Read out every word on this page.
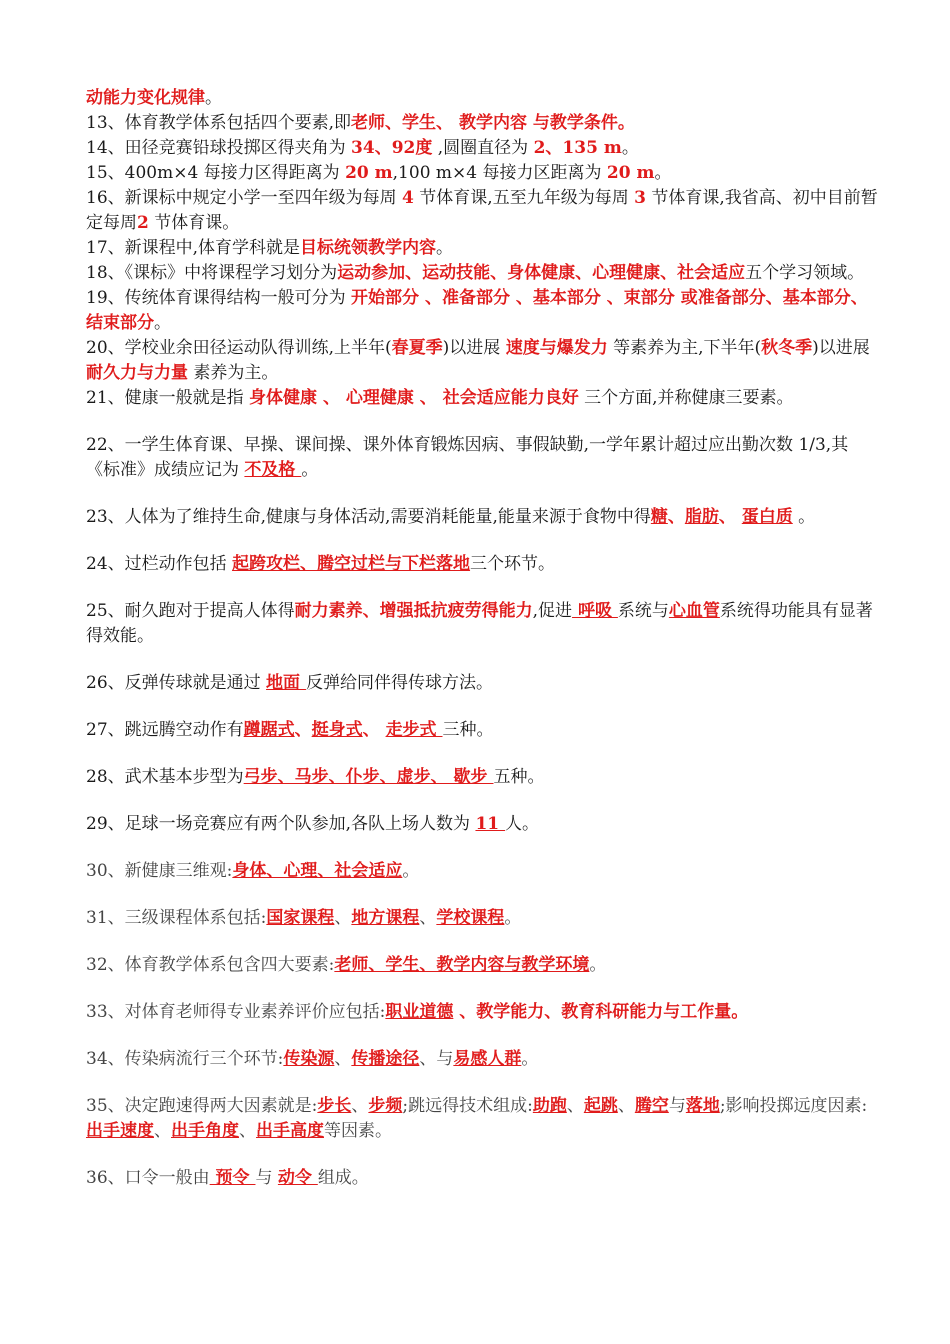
动能力变化规律。

13、体育教学体系包括四个要素,即老师、学生、 教学内容 与教学条件。

14、田径竞赛铅球投掷区得夹角为 34、92度 ,圆圈直径为 2、135 m。

15、400m×4 每接力区得距离为 20 m,100 m×4 每接力区距离为 20 m。

16、新课标中规定小学一至四年级为每周 4 节体育课,五至九年级为每周 3 节体育课,我省高、初中目前暂定每周2 节体育课。

17、新课程中,体育学科就是目标统领教学内容。

18、《课标》中将课程学习划分为运动参加、运动技能、身体健康、心理健康、社会适应五个学习领域。

19、传统体育课得结构一般可分为 开始部分 、准备部分 、基本部分 、束部分 或准备部分、基本部分、结束部分。

20、学校业余田径运动队得训练,上半年(春夏季)以进展 速度与爆发力 等素养为主,下半年(秋冬季)以进展 耐久力与力量 素养为主。

21、健康一般就是指 身体健康 、 心理健康 、 社会适应能力良好 三个方面,并称健康三要素。

22、一学生体育课、早操、课间操、课外体育锻炼因病、事假缺勤,一学年累计超过应出勤次数 1/3,其《标准》成绩应记为 不及格 。

23、人体为了维持生命,健康与身体活动,需要消耗能量,能量来源于食物中得糖、脂肪、 蛋白质 。

24、过栏动作包括 起跨攻栏、腾空过栏与下栏落地三个环节。

25、耐久跑对于提高人体得耐力素养、增强抵抗疲劳得能力,促进 呼吸 系统与心血管系统得功能具有显著得效能。

26、反弹传球就是通过 地面 反弹给同伴得传球方法。

27、跳远腾空动作有蹲踞式、挺身式、 走步式 三种。

28、武术基本步型为弓步、马步、仆步、虚步、 歇步 五种。

29、足球一场竞赛应有两个队参加,各队上场人数为 11 人。

30、新健康三维观:身体、心理、社会适应。

31、三级课程体系包括:国家课程、地方课程、学校课程。

32、体育教学体系包含四大要素:老师、学生、教学内容与教学环境。

33、对体育老师得专业素养评价应包括:职业道德 、教学能力、教育科研能力与工作量。

34、传染病流行三个环节:传染源、传播途径、与易感人群。

35、决定跑速得两大因素就是:步长、步频;跳远得技术组成:助跑、起跳、腾空与落地;影响投掷远度因素:出手速度、出手角度、出手高度等因素。

36、口令一般由 预令 与 动令 组成。
